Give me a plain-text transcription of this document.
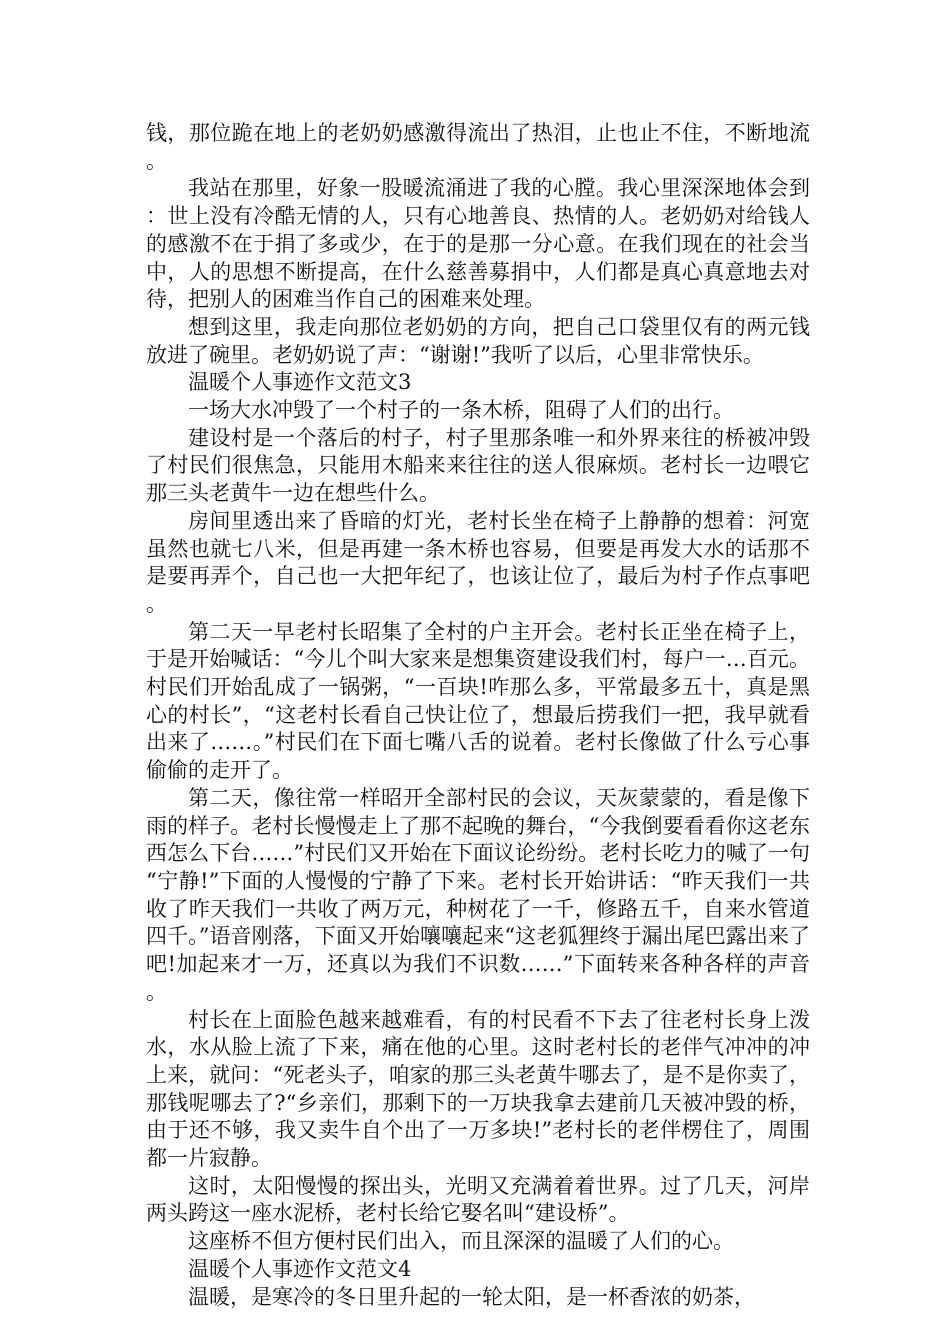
钱，那位跪在地上的老奶奶感激得流出了热泪，止也止不住，不断地流。

我站在那里，好象一股暖流涌进了我的心膛。我心里深深地体会到：世上没有冷酷无情的人，只有心地善良、热情的人。老奶奶对给钱人的感激不在于捐了多或少，在于的是那一分心意。在我们现在的社会当中，人的思想不断提高，在什么慈善募捐中，人们都是真心真意地去对待，把别人的困难当作自己的困难来处理。

想到这里，我走向那位老奶奶的方向，把自己口袋里仅有的两元钱放进了碗里。老奶奶说了声：“谢谢!”我听了以后，心里非常快乐。

温暖个人事迹作文范文3

一场大水冲毁了一个村子的一条木桥，阻碍了人们的出行。

建设村是一个落后的村子，村子里那条唯一和外界来往的桥被冲毁了村民们很焦急，只能用木船来来往往的送人很麻烦。老村长一边喂它那三头老黄牛一边在想些什么。

房间里透出来了昏暗的灯光，老村长坐在椅子上静静的想着：河宽虽然也就七八米，但是再建一条木桥也容易，但要是再发大水的话那不是要再弄个，自己也一大把年纪了，也该让位了，最后为村子作点事吧。

第二天一早老村长昭集了全村的户主开会。老村长正坐在椅子上，于是开始喊话：“今儿个叫大家来是想集资建设我们村，每户一…百元。村民们开始乱成了一锅粥，“一百块!咋那么多，平常最多五十，真是黑心的村长”，“这老村长看自己快让位了，想最后捞我们一把，我早就看出来了……。”村民们在下面七嘴八舌的说着。老村长像做了什么亏心事偷偷的走开了。

第二天，像往常一样昭开全部村民的会议，天灰蒙蒙的，看是像下雨的样子。老村长慢慢走上了那不起晚的舞台，“今我倒要看看你这老东西怎么下台……”村民们又开始在下面议论纷纷。老村长吃力的喊了一句“宁静!”下面的人慢慢的宁静了下来。老村长开始讲话：“昨天我们一共收了昨天我们一共收了两万元，种树花了一千，修路五千，自来水管道四千。”语音刚落，下面又开始嚷嚷起来“这老狐狸终于漏出尾巴露出来了吧!加起来才一万，还真以为我们不识数……”下面转来各种各样的声音。

村长在上面脸色越来越难看，有的村民看不下去了往老村长身上泼水，水从脸上流了下来，痛在他的心里。这时老村长的老伴气冲冲的冲上来，就问：“死老头子，咱家的那三头老黄牛哪去了，是不是你卖了，那钱呢哪去了?“乡亲们，那剩下的一万块我拿去建前几天被冲毁的桥，由于还不够，我又卖牛自个出了一万多块!”老村长的老伴楞住了，周围都一片寂静。

这时，太阳慢慢的探出头，光明又充满着着世界。过了几天，河岸两头跨这一座水泥桥，老村长给它娶名叫“建设桥”。

这座桥不但方便村民们出入，而且深深的温暖了人们的心。

温暖个人事迹作文范文4

温暖，是寒冷的冬日里升起的一轮太阳，是一杯香浓的奶茶，
